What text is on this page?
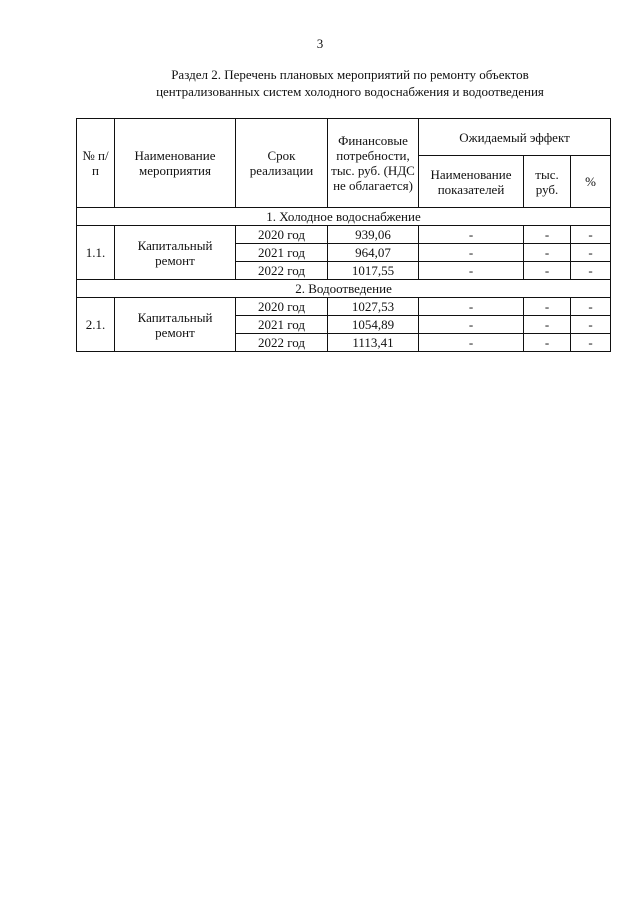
3
Раздел 2. Перечень плановых мероприятий по ремонту объектов
централизованных систем холодного водоснабжения и водоотведения
№ п/п	Наименование мероприятия	Срок реализации	Финансовые потребности, тыс. руб. (НДС не облагается)	Ожидаемый эффект		
				Наименование показателей	тыс. руб.	%
1. Холодное водоснабжение						
1.1.	Капитальный ремонт	2020 год	939,06	-	-	-
		2021 год	964,07	-	-	-
		2022 год	1017,55	-	-	-
2. Водоотведение						
2.1.	Капитальный ремонт	2020 год	1027,53	-	-	-
		2021 год	1054,89	-	-	-
		2022 год	1113,41	-	-	-
